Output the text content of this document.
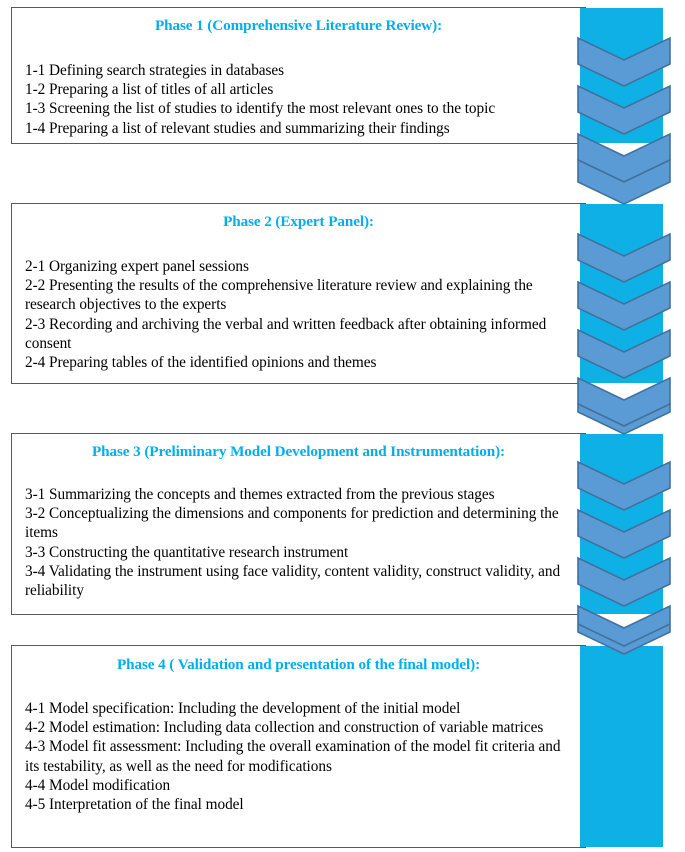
Phase 1 (Comprehensive Literature Review):
1-1 Defining search strategies in databases
1-2 Preparing a list of titles of all articles
1-3 Screening the list of studies to identify the most relevant ones to the topic
1-4 Preparing a list of relevant studies and summarizing their findings
Phase 2 (Expert Panel):
2-1 Organizing expert panel sessions
2-2 Presenting the results of the comprehensive literature review and explaining the research objectives to the experts
2-3 Recording and archiving the verbal and written feedback after obtaining informed consent
2-4 Preparing tables of the identified opinions and themes
Phase 3 (Preliminary Model Development and Instrumentation):
3-1 Summarizing the concepts and themes extracted from the previous stages
3-2 Conceptualizing the dimensions and components for prediction and determining the items
3-3 Constructing the quantitative research instrument
3-4 Validating the instrument using face validity, content validity, construct validity, and reliability
Phase 4 ( Validation and presentation of the final model):
4-1 Model specification: Including the development of the initial model
4-2 Model estimation: Including data collection and construction of variable matrices
4-3 Model fit assessment: Including the overall examination of the model fit criteria and its testability, as well as the need for modifications
4-4 Model modification
4-5 Interpretation of the final model
